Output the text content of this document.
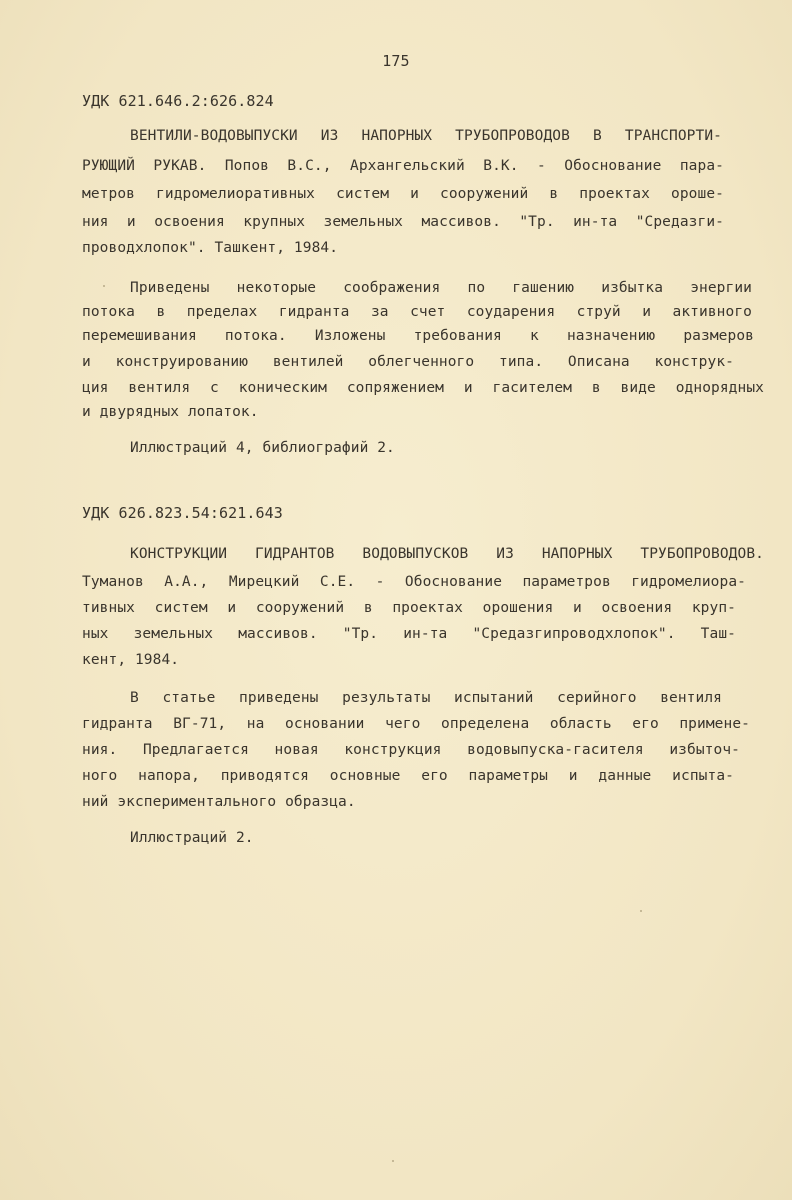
175
УДК 621.646.2:626.824
ВЕНТИЛИ-ВОДОВЫПУСКИ ИЗ НАПОРНЫХ ТРУБОПРОВОДОВ В ТРАНСПОРТИ-
РУЮЩИЙ РУКАВ. Попов В.С., Архангельский В.К. - Обоснование пара-
метров гидромелиоративных систем и сооружений в проектах ороше-
ния и освоения крупных земельных массивов. "Тр. ин-та "Средазги-
проводхлопок". Ташкент, 1984.
Приведены некоторые соображения по гашению избытка энергии
потока в пределах гидранта за счет соударения струй и активного
перемешивания потока. Изложены требования к назначению размеров
и конструированию вентилей облегченного типа. Описана конструк-
ция вентиля с коническим сопряжением и гасителем в виде однорядных
и двурядных лопаток.
Иллюстраций 4, библиографий 2.
УДК 626.823.54:621.643
КОНСТРУКЦИИ ГИДРАНТОВ ВОДОВЫПУСКОВ ИЗ НАПОРНЫХ ТРУБОПРОВОДОВ.
Туманов А.А., Мирецкий С.Е. - Обоснование параметров гидромелиора-
тивных систем и сооружений в проектах орошения и освоения круп-
ных земельных массивов. "Тр. ин-та "Средазгипроводхлопок". Таш-
кент, 1984.
В статье приведены результаты испытаний серийного вентиля
гидранта ВГ-71, на основании чего определена область его примене-
ния. Предлагается новая конструкция водовыпуска-гасителя избыточ-
ного напора, приводятся основные его параметры и данные испыта-
ний экспериментального образца.
Иллюстраций 2.
